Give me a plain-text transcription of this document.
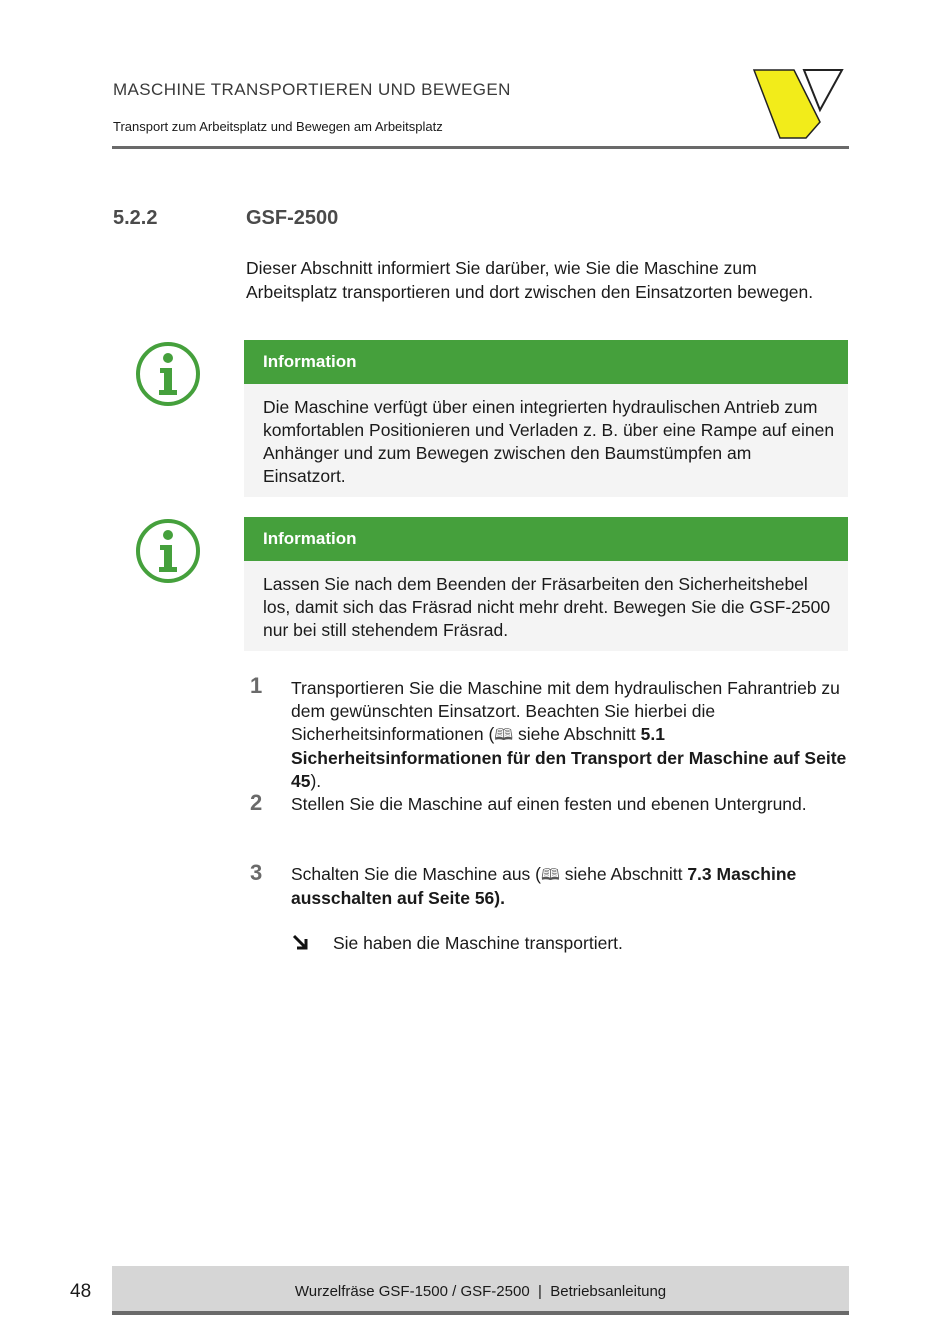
MASCHINE TRANSPORTIEREN UND BEWEGEN
Transport zum Arbeitsplatz und Bewegen am Arbeitsplatz
5.2.2	GSF-2500
Dieser Abschnitt informiert Sie darüber, wie Sie die Maschine zum Arbeitsplatz transportieren und dort zwischen den Einsatzorten bewegen.
Information
Die Maschine verfügt über einen integrierten hydraulischen Antrieb zum komfortablen Positionieren und Verladen z. B. über eine Rampe auf einen Anhänger und zum Bewegen zwischen den Baumstümpfen am Einsatzort.
Information
Lassen Sie nach dem Beenden der Fräsarbeiten den Sicherheitshebel los, damit sich das Fräsrad nicht mehr dreht. Bewegen Sie die GSF-2500 nur bei still stehendem Fräsrad.
1 Transportieren Sie die Maschine mit dem hydraulischen Fahrantrieb zu dem gewünschten Einsatzort. Beachten Sie hierbei die Sicherheitsinformationen (🕮 siehe Abschnitt 5.1 Sicherheitsinformationen für den Transport der Maschine auf Seite 45).
2 Stellen Sie die Maschine auf einen festen und ebenen Untergrund.
3 Schalten Sie die Maschine aus (🕮 siehe Abschnitt 7.3 Maschine ausschalten auf Seite 56).
Sie haben die Maschine transportiert.
48	Wurzelfräse GSF-1500 / GSF-2500  |  Betriebsanleitung
